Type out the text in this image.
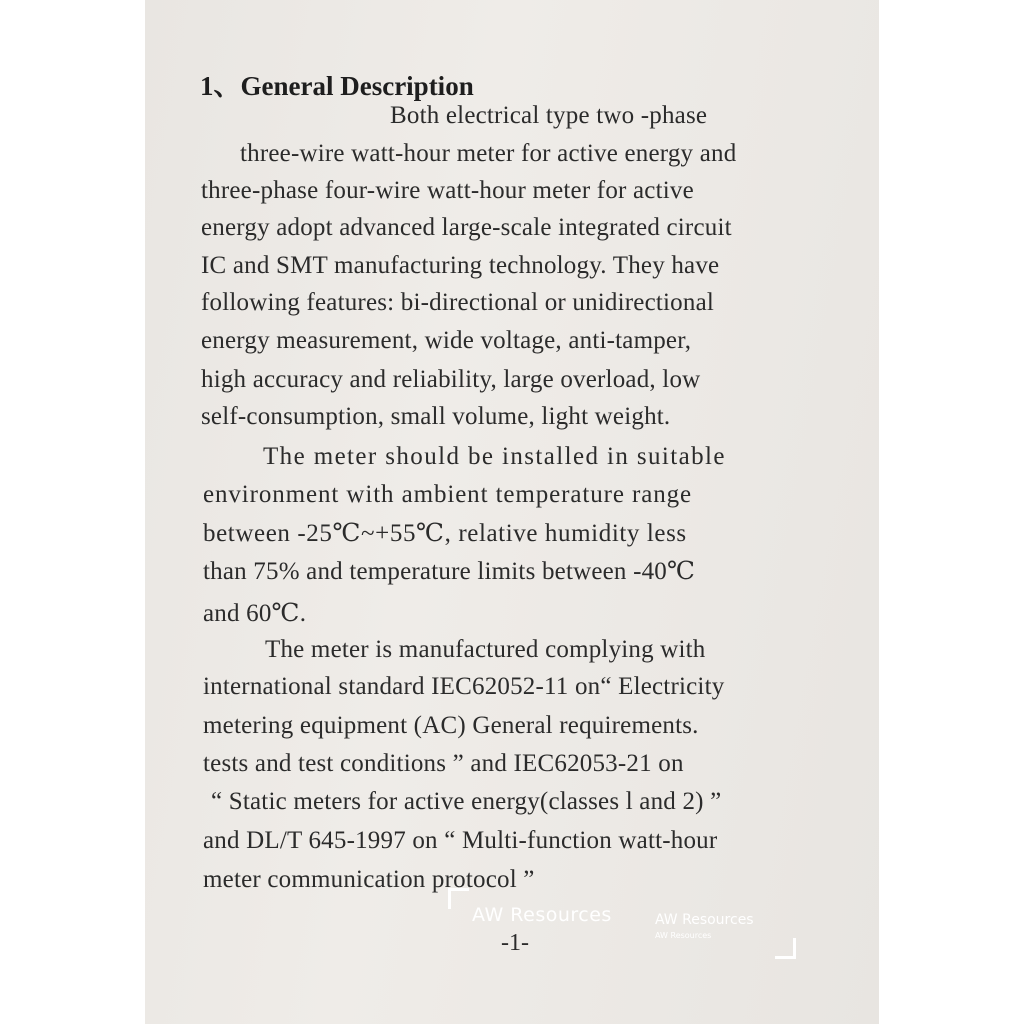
1、General Description
Both electrical type two -phase
three-wire watt-hour meter for active energy and
three-phase four-wire watt-hour meter for active
energy adopt advanced large-scale integrated circuit
IC and SMT manufacturing technology. They have
following features: bi-directional or unidirectional
energy measurement, wide voltage, anti-tamper,
high accuracy and reliability, large overload, low
self-consumption, small volume, light weight.
The meter should be installed in suitable
environment with ambient temperature range
between -25℃~+55℃, relative humidity less
than 75% and temperature limits between -40℃
and 60℃.
The meter is manufactured complying with
international standard IEC62052-11 on“ Electricity
metering equipment (AC) General requirements.
tests and test conditions ” and IEC62053-21 on
“ Static meters for active energy(classes l and 2) ”
and DL/T 645-1997 on “ Multi-function watt-hour
meter communication protocol ”
-1-
AW Resources	AW Resources
AW Resources
